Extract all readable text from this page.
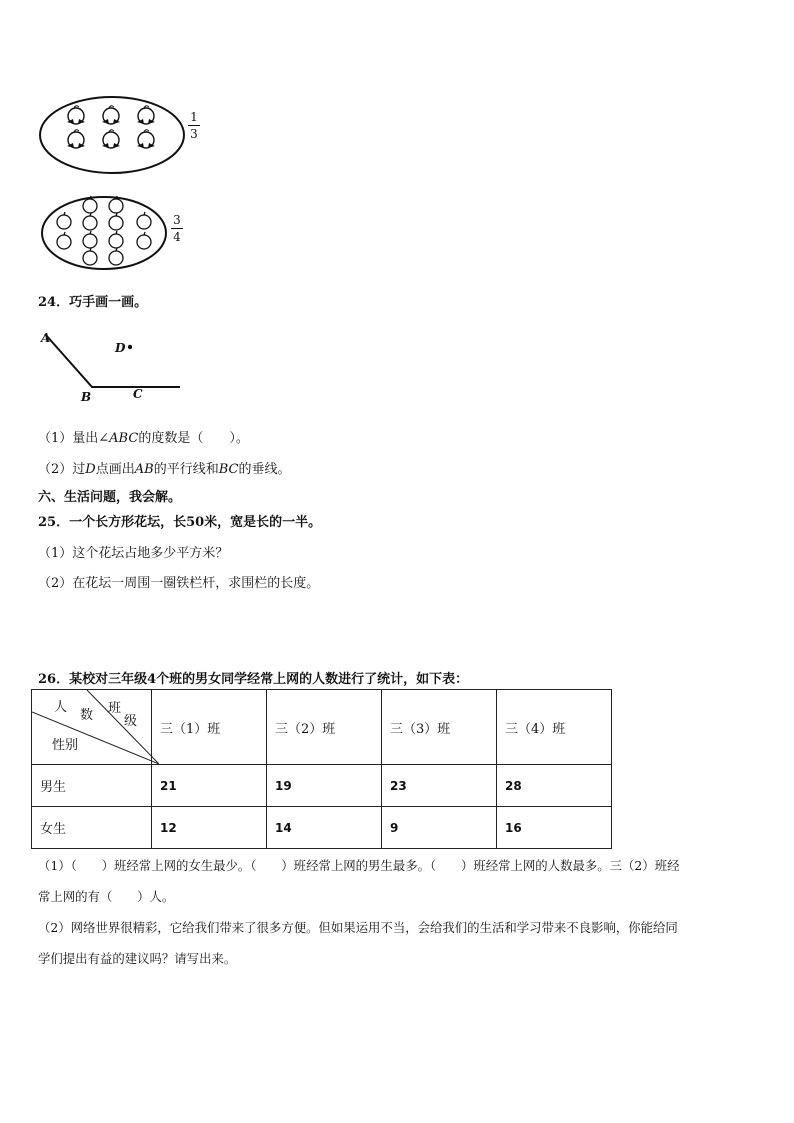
1
3
3
4
24．巧手画一画。
A
B	C
D
（1）量出∠ABC的度数是（　　）。
（2）过D点画出AB的平行线和BC的垂线。
六、生活问题，我会解。
25．一个长方形花坛，长50米，宽是长的一半。
（1）这个花坛占地多少平方米？
（2）在花坛一周围一圈铁栏杆，求围栏的长度。
26．某校对三年级4个班的男女同学经常上网的人数进行了统计，如下表：
人
数 班
级
性别	三（1）班	三（2）班	三（3）班	三（4）班
男生	21	19	23	28
女生	12	14	9	16
（1）（　　）班经常上网的女生最少。（　　）班经常上网的男生最多。（　　）班经常上网的人数最多。三（2）班经
常上网的有（　　）人。
（2）网络世界很精彩，它给我们带来了很多方便。但如果运用不当，会给我们的生活和学习带来不良影响，你能给同
学们提出有益的建议吗？请写出来。
